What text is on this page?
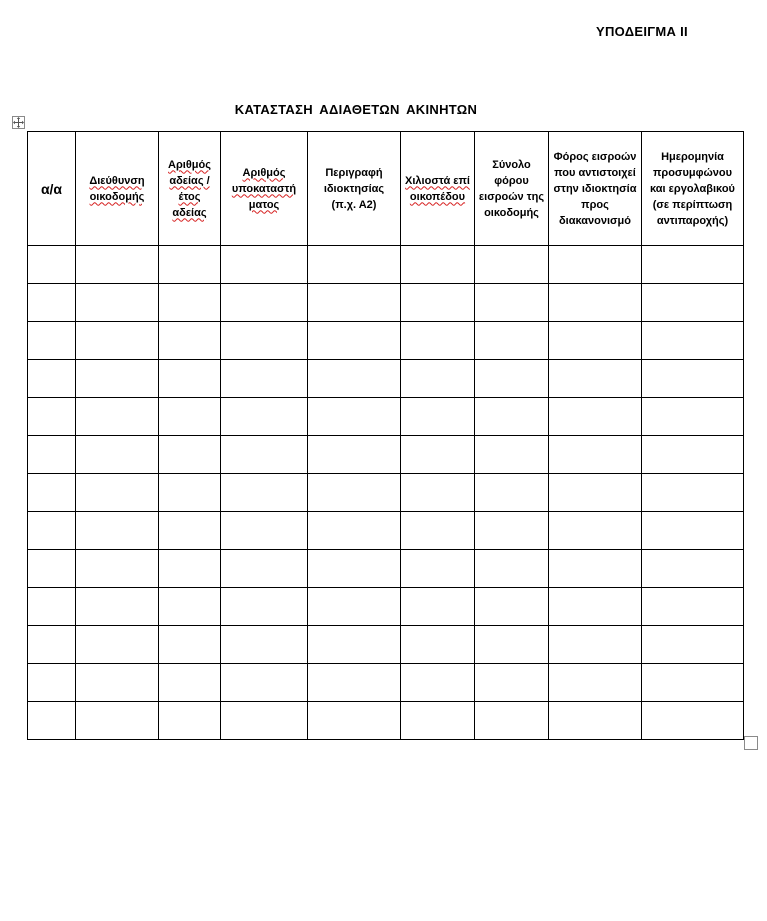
ΥΠΟΔΕΙΓΜΑ ΙΙ
ΚΑΤΑΣΤΑΣΗ ΑΔΙΑΘΕΤΩΝ ΑΚΙΝΗΤΩΝ
α/α	Διεύθυνση οικοδομής	Αριθμός αδείας /έτος αδείας	Αριθμός υποκαταστή ματος	Περιγραφή ιδιοκτησίας (π.χ. Α2)	Χιλιοστά επί οικοπέδου	Σύνολο φόρου εισροών της οικοδομής	Φόρος εισροών που αντιστοιχεί στην ιδιοκτησία προς διακανονισμό	Ημερομηνία προσυμφώνου και εργολαβικού (σε περίπτωση αντιπαροχής)
